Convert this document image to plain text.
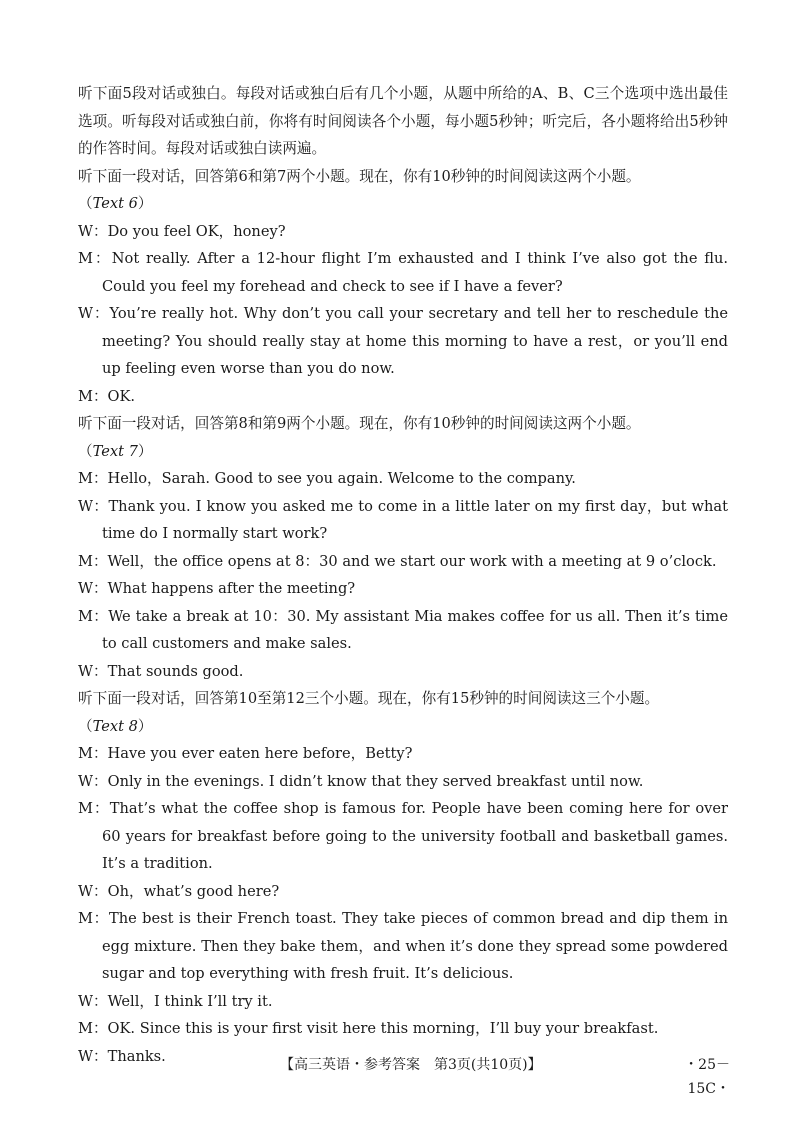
听下面5段对话或独白。每段对话或独白后有几个小题，从题中所给的A、B、C三个选项中选出最佳选项。听每段对话或独白前，你将有时间阅读各个小题，每小题5秒钟；听完后，各小题将给出5秒钟的作答时间。每段对话或独白读两遍。

听下面一段对话，回答第6和第7两个小题。现在，你有10秒钟的时间阅读这两个小题。

（Text 6）

W：Do you feel OK，honey?

M：Not really. After a 12-hour flight I’m exhausted and I think I’ve also got the flu. Could you feel my forehead and check to see if I have a fever?

W：You’re really hot. Why don’t you call your secretary and tell her to reschedule the meeting? You should really stay at home this morning to have a rest，or you’ll end up feeling even worse than you do now.

M：OK.

听下面一段对话，回答第8和第9两个小题。现在，你有10秒钟的时间阅读这两个小题。

（Text 7）

M：Hello，Sarah. Good to see you again. Welcome to the company.

W：Thank you. I know you asked me to come in a little later on my first day，but what time do I normally start work?

M：Well，the office opens at 8：30 and we start our work with a meeting at 9 o’clock.

W：What happens after the meeting?

M：We take a break at 10：30. My assistant Mia makes coffee for us all. Then it’s time to call customers and make sales.

W：That sounds good.

听下面一段对话，回答第10至第12三个小题。现在，你有15秒钟的时间阅读这三个小题。

（Text 8）

M：Have you ever eaten here before，Betty?

W：Only in the evenings. I didn’t know that they served breakfast until now.

M：That’s what the coffee shop is famous for. People have been coming here for over 60 years for breakfast before going to the university football and basketball games. It’s a tradition.

W：Oh，what’s good here?

M：The best is their French toast. They take pieces of common bread and dip them in egg mixture. Then they bake them，and when it’s done they spread some powdered sugar and top everything with fresh fruit. It’s delicious.

W：Well，I think I’ll try it.

M：OK. Since this is your first visit here this morning，I’ll buy your breakfast.

W：Thanks.

【高三英语・参考答案　第3页(共10页)】	・25－15C・
